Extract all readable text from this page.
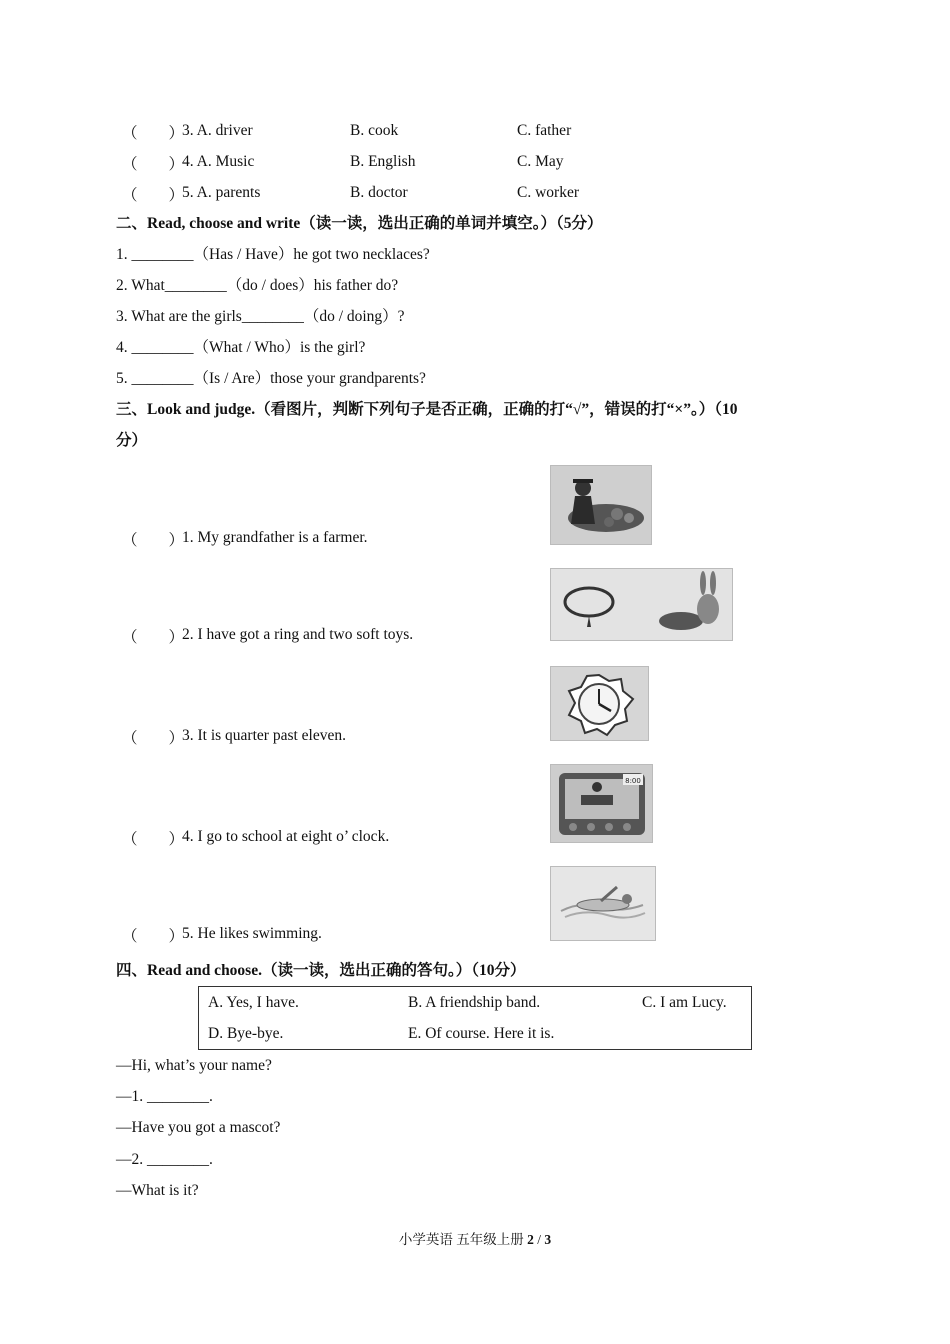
（　　）
3. A. driver	B. cook	C. father
（　　）
4. A. Music	B. English	C. May
（　　）
5. A. parents	B. doctor	C. worker
二、Read, choose and write（读一读，选出正确的单词并填空。）（5分）
1. ________（Has / Have）he got two necklaces?
2. What________（do / does）his father do?
3. What are the girls________（do / doing）?
4. ________（What / Who）is the girl?
5. ________（Is / Are）those your grandparents?
三、Look and judge.（看图片，判断下列句子是否正确，正确的打“√”，错误的打“×”。）（10
分）
（　　）
1. My grandfather is a farmer.
（　　）
2. I have got a ring and two soft toys.
（　　）
3. It is quarter past eleven.
（　　）
4. I go to school at eight o’ clock.
8:00
（　　）
5. He likes swimming.
四、Read and choose.（读一读，选出正确的答句。）（10分）
A. Yes, I have.	B. A friendship band.	C. I am Lucy.
D. Bye-bye.	E. Of course. Here it is.	
—Hi, what’s your name?
—1. ________.
—Have you got a mascot?
—2. ________.
—What is it?
小学英语 五年级上册 2 / 3
